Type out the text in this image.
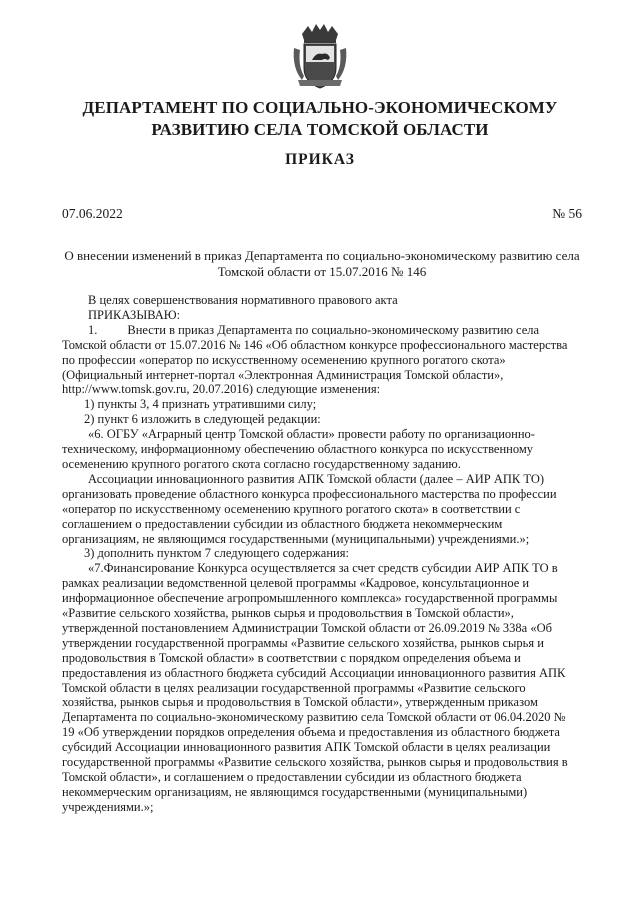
ДЕПАРТАМЕНТ ПО СОЦИАЛЬНО-ЭКОНОМИЧЕСКОМУ
РАЗВИТИЮ СЕЛА ТОМСКОЙ ОБЛАСТИ
ПРИКАЗ
07.06.2022	№ 56
О внесении изменений в приказ Департамента по социально-экономическому развитию села
Томской области от 15.07.2016 № 146
В целях совершенствования нормативного правового акта
ПРИКАЗЫВАЮ:
1. Внести в приказ Департамента по социально-экономическому развитию села
Томской области от 15.07.2016 № 146 «Об областном конкурсе профессионального мастерства
по профессии «оператор по искусственному осеменению крупного рогатого скота»
(Официальный интернет-портал «Электронная Администрация Томской области»,
http://www.tomsk.gov.ru, 20.07.2016) следующие изменения:
1) пункты 3, 4 признать утратившими силу;
2) пункт 6 изложить в следующей редакции:
«6. ОГБУ «Аграрный центр Томской области» провести работу по организационно-
техническому, информационному обеспечению областного конкурса по искусственному
осеменению крупного рогатого скота согласно государственному заданию.
Ассоциации инновационного развития АПК Томской области (далее – АИР АПК ТО)
организовать проведение областного конкурса профессионального мастерства по профессии
«оператор по искусственному осеменению крупного рогатого скота» в соответствии с
соглашением о предоставлении субсидии из областного бюджета некоммерческим
организациям, не являющимся государственными (муниципальными) учреждениями.»;
3) дополнить пунктом 7 следующего содержания:
«7.Финансирование Конкурса осуществляется за счет средств субсидии АИР АПК ТО в
рамках реализации ведомственной целевой программы «Кадровое, консультационное и
информационное обеспечение агропромышленного комплекса» государственной программы
«Развитие сельского хозяйства, рынков сырья и продовольствия в Томской области»,
утвержденной постановлением Администрации Томской области от 26.09.2019 № 338а «Об
утверждении государственной программы «Развитие сельского хозяйства, рынков сырья и
продовольствия в Томской области» в соответствии с порядком определения объема и
предоставления из областного бюджета субсидий Ассоциации инновационного развития АПК
Томской области в целях реализации государственной программы «Развитие сельского
хозяйства, рынков сырья и продовольствия в Томской области», утвержденным приказом
Департамента по социально-экономическому развитию села Томской области от 06.04.2020 №
19 «Об утверждении порядков определения объема и предоставления из областного бюджета
субсидий Ассоциации инновационного развития АПК Томской области в целях реализации
государственной программы «Развитие сельского хозяйства, рынков сырья и продовольствия в
Томской области», и соглашением о предоставлении субсидии из областного бюджета
некоммерческим организациям, не являющимся государственными (муниципальными)
учреждениями.»;
